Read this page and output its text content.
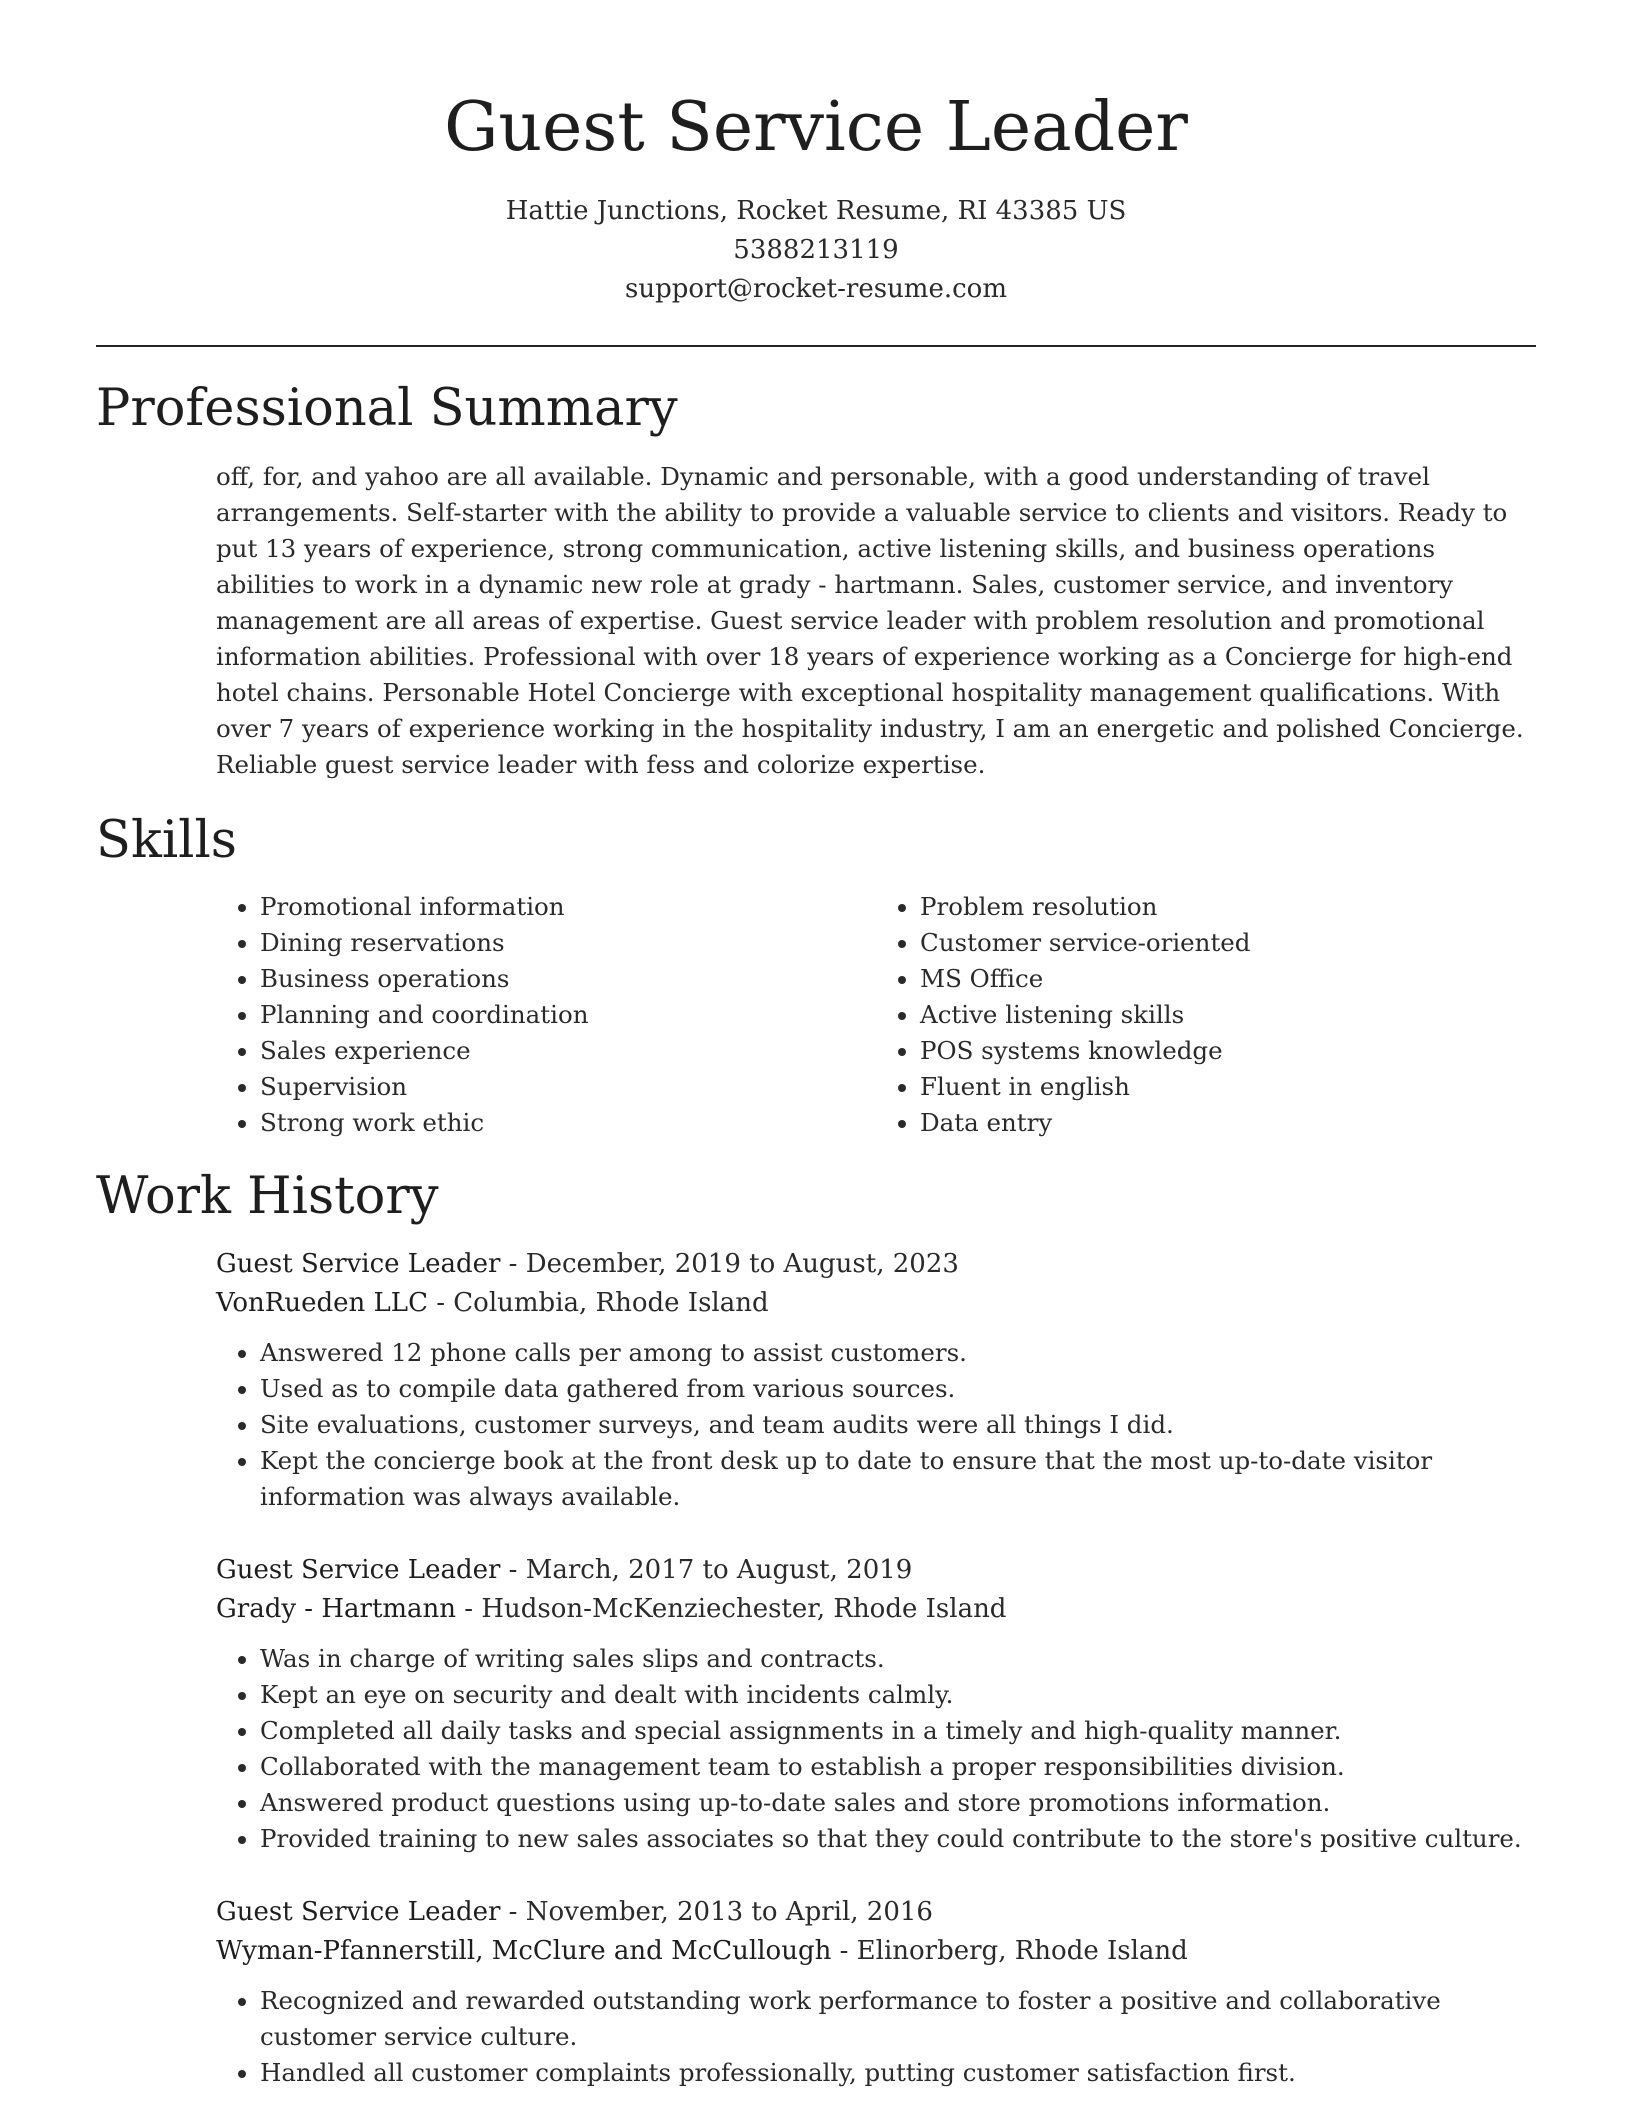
Guest Service Leader
Hattie Junctions, Rocket Resume, RI 43385 US
5388213119
support@rocket-resume.com
Professional Summary

off, for, and yahoo are all available. Dynamic and personable, with a good understanding of travel arrangements. Self-starter with the ability to provide a valuable service to clients and visitors. Ready to put 13 years of experience, strong communication, active listening skills, and business operations abilities to work in a dynamic new role at grady - hartmann. Sales, customer service, and inventory management are all areas of expertise. Guest service leader with problem resolution and promotional information abilities. Professional with over 18 years of experience working as a Concierge for high-end hotel chains. Personable Hotel Concierge with exceptional hospitality management qualifications. With over 7 years of experience working in the hospitality industry, I am an energetic and polished Concierge. Reliable guest service leader with fess and colorize expertise.

Skills
• Promotional information
• Dining reservations
• Business operations
• Planning and coordination
• Sales experience
• Supervision
• Strong work ethic
• Problem resolution
• Customer service-oriented
• MS Office
• Active listening skills
• POS systems knowledge
• Fluent in english
• Data entry
Work History
Guest Service Leader - December, 2019 to August, 2023
VonRueden LLC - Columbia, Rhode Island
• Answered 12 phone calls per among to assist customers.
• Used as to compile data gathered from various sources.
• Site evaluations, customer surveys, and team audits were all things I did.
• Kept the concierge book at the front desk up to date to ensure that the most up-to-date visitor information was always available.
Guest Service Leader - March, 2017 to August, 2019
Grady - Hartmann - Hudson-McKenziechester, Rhode Island
• Was in charge of writing sales slips and contracts.
• Kept an eye on security and dealt with incidents calmly.
• Completed all daily tasks and special assignments in a timely and high-quality manner.
• Collaborated with the management team to establish a proper responsibilities division.
• Answered product questions using up-to-date sales and store promotions information.
• Provided training to new sales associates so that they could contribute to the store's positive culture.
Guest Service Leader - November, 2013 to April, 2016
Wyman-Pfannerstill, McClure and McCullough - Elinorberg, Rhode Island
• Recognized and rewarded outstanding work performance to foster a positive and collaborative customer service culture.
• Handled all customer complaints professionally, putting customer satisfaction first.
